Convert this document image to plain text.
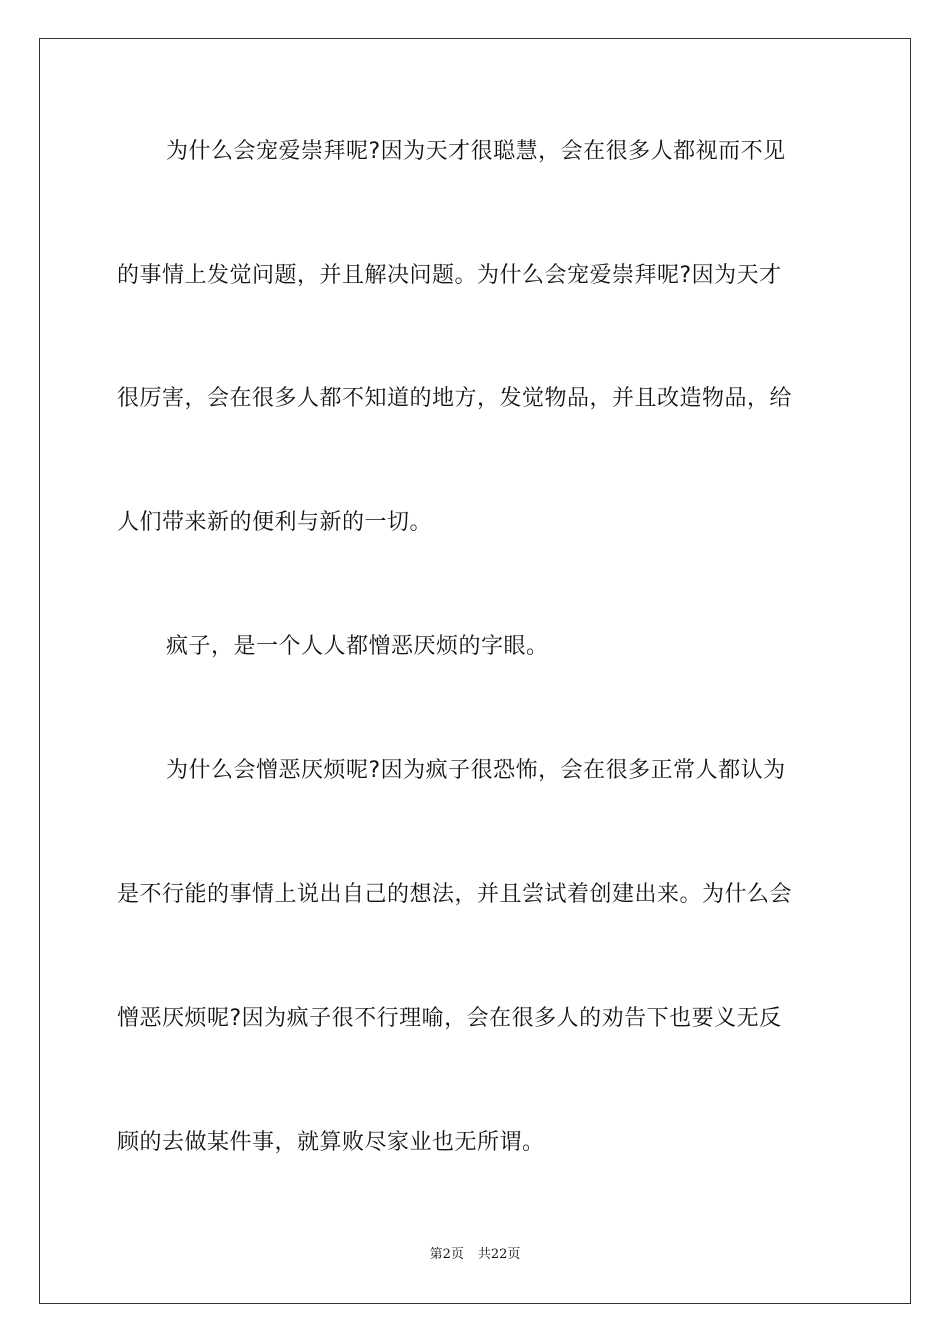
为什么会宠爱崇拜呢?因为天才很聪慧，会在很多人都视而不见
的事情上发觉问题，并且解决问题。为什么会宠爱崇拜呢?因为天才
很厉害，会在很多人都不知道的地方，发觉物品，并且改造物品，给
人们带来新的便利与新的一切。
疯子，是一个人人都憎恶厌烦的字眼。
为什么会憎恶厌烦呢?因为疯子很恐怖，会在很多正常人都认为
是不行能的事情上说出自己的想法，并且尝试着创建出来。为什么会
憎恶厌烦呢?因为疯子很不行理喻，会在很多人的劝告下也要义无反
顾的去做某件事，就算败尽家业也无所谓。
第2页 共22页
